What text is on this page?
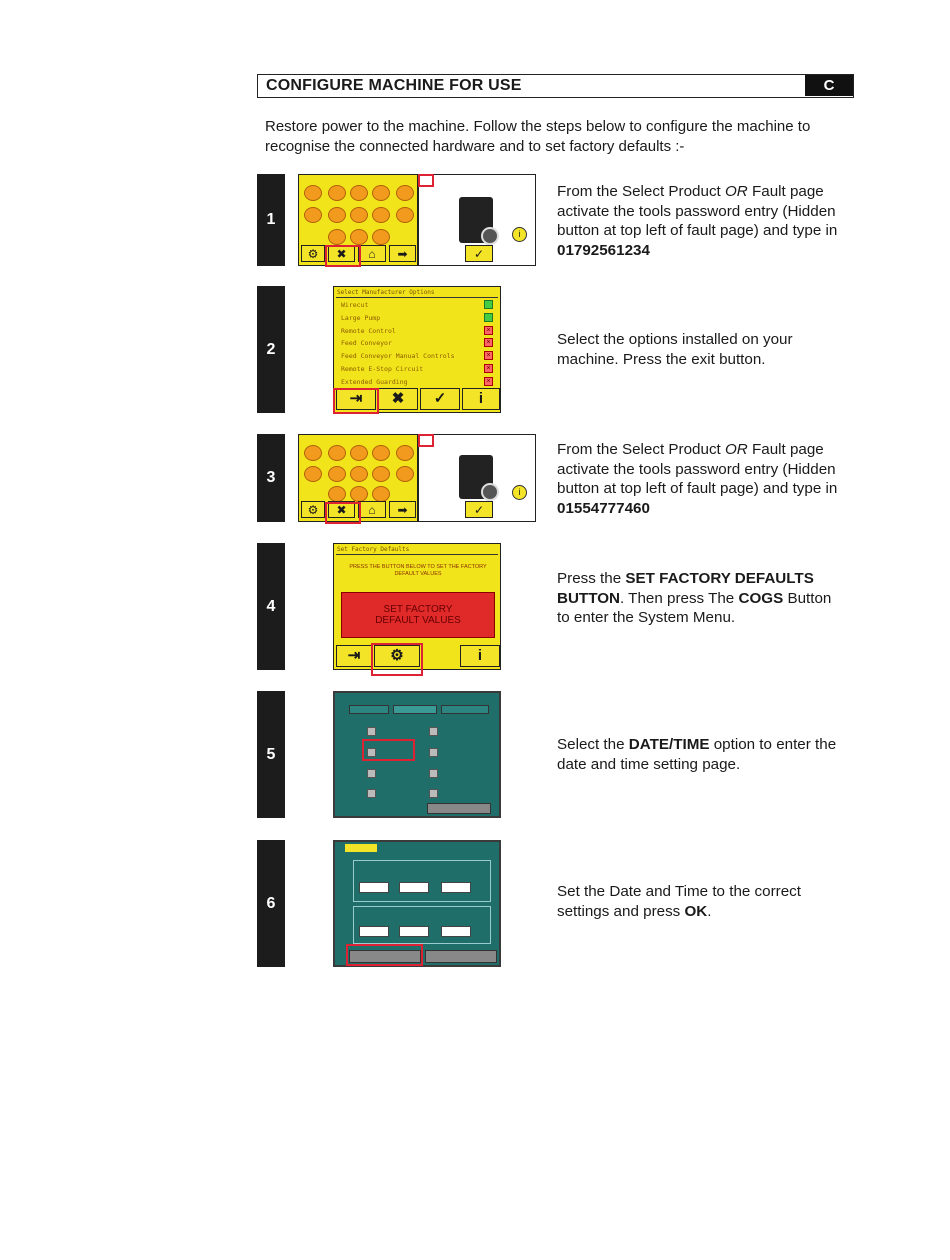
CONFIGURE MACHINE FOR USE	C
Restore power to the machine. Follow the steps below to configure the machine to recognise the connected hardware and to set factory defaults :-
1
⚙	✖	⌂	➡
i
✓
From the Select Product OR Fault page activate the tools password entry (Hidden button at top left of fault page) and type in 01792561234
2
Select Manufacturer Options
Wirecut
Large Pump
Remote Control	×
Feed Conveyor	×
Feed Conveyor Manual Controls	×
Remote E-Stop Circuit	×
Extended Guarding	×
⇥	✖	✓	i
Select the options installed on your machine. Press the exit button.
3
⚙	✖	⌂	➡
i
✓
From the Select Product OR Fault page activate the tools password entry (Hidden button at top left of fault page) and type in 01554777460
4
Set Factory Defaults
PRESS THE BUTTON BELOW TO SET THE FACTORY DEFAULT VALUES
SET FACTORY DEFAULT VALUES
⇥	⚙	i
Press the SET FACTORY DEFAULTS BUTTON. Then press The COGS Button to enter the System Menu.
5
Select the DATE/TIME option to enter the date and time setting page.
6
Set the Date and Time to the correct settings and press OK.
